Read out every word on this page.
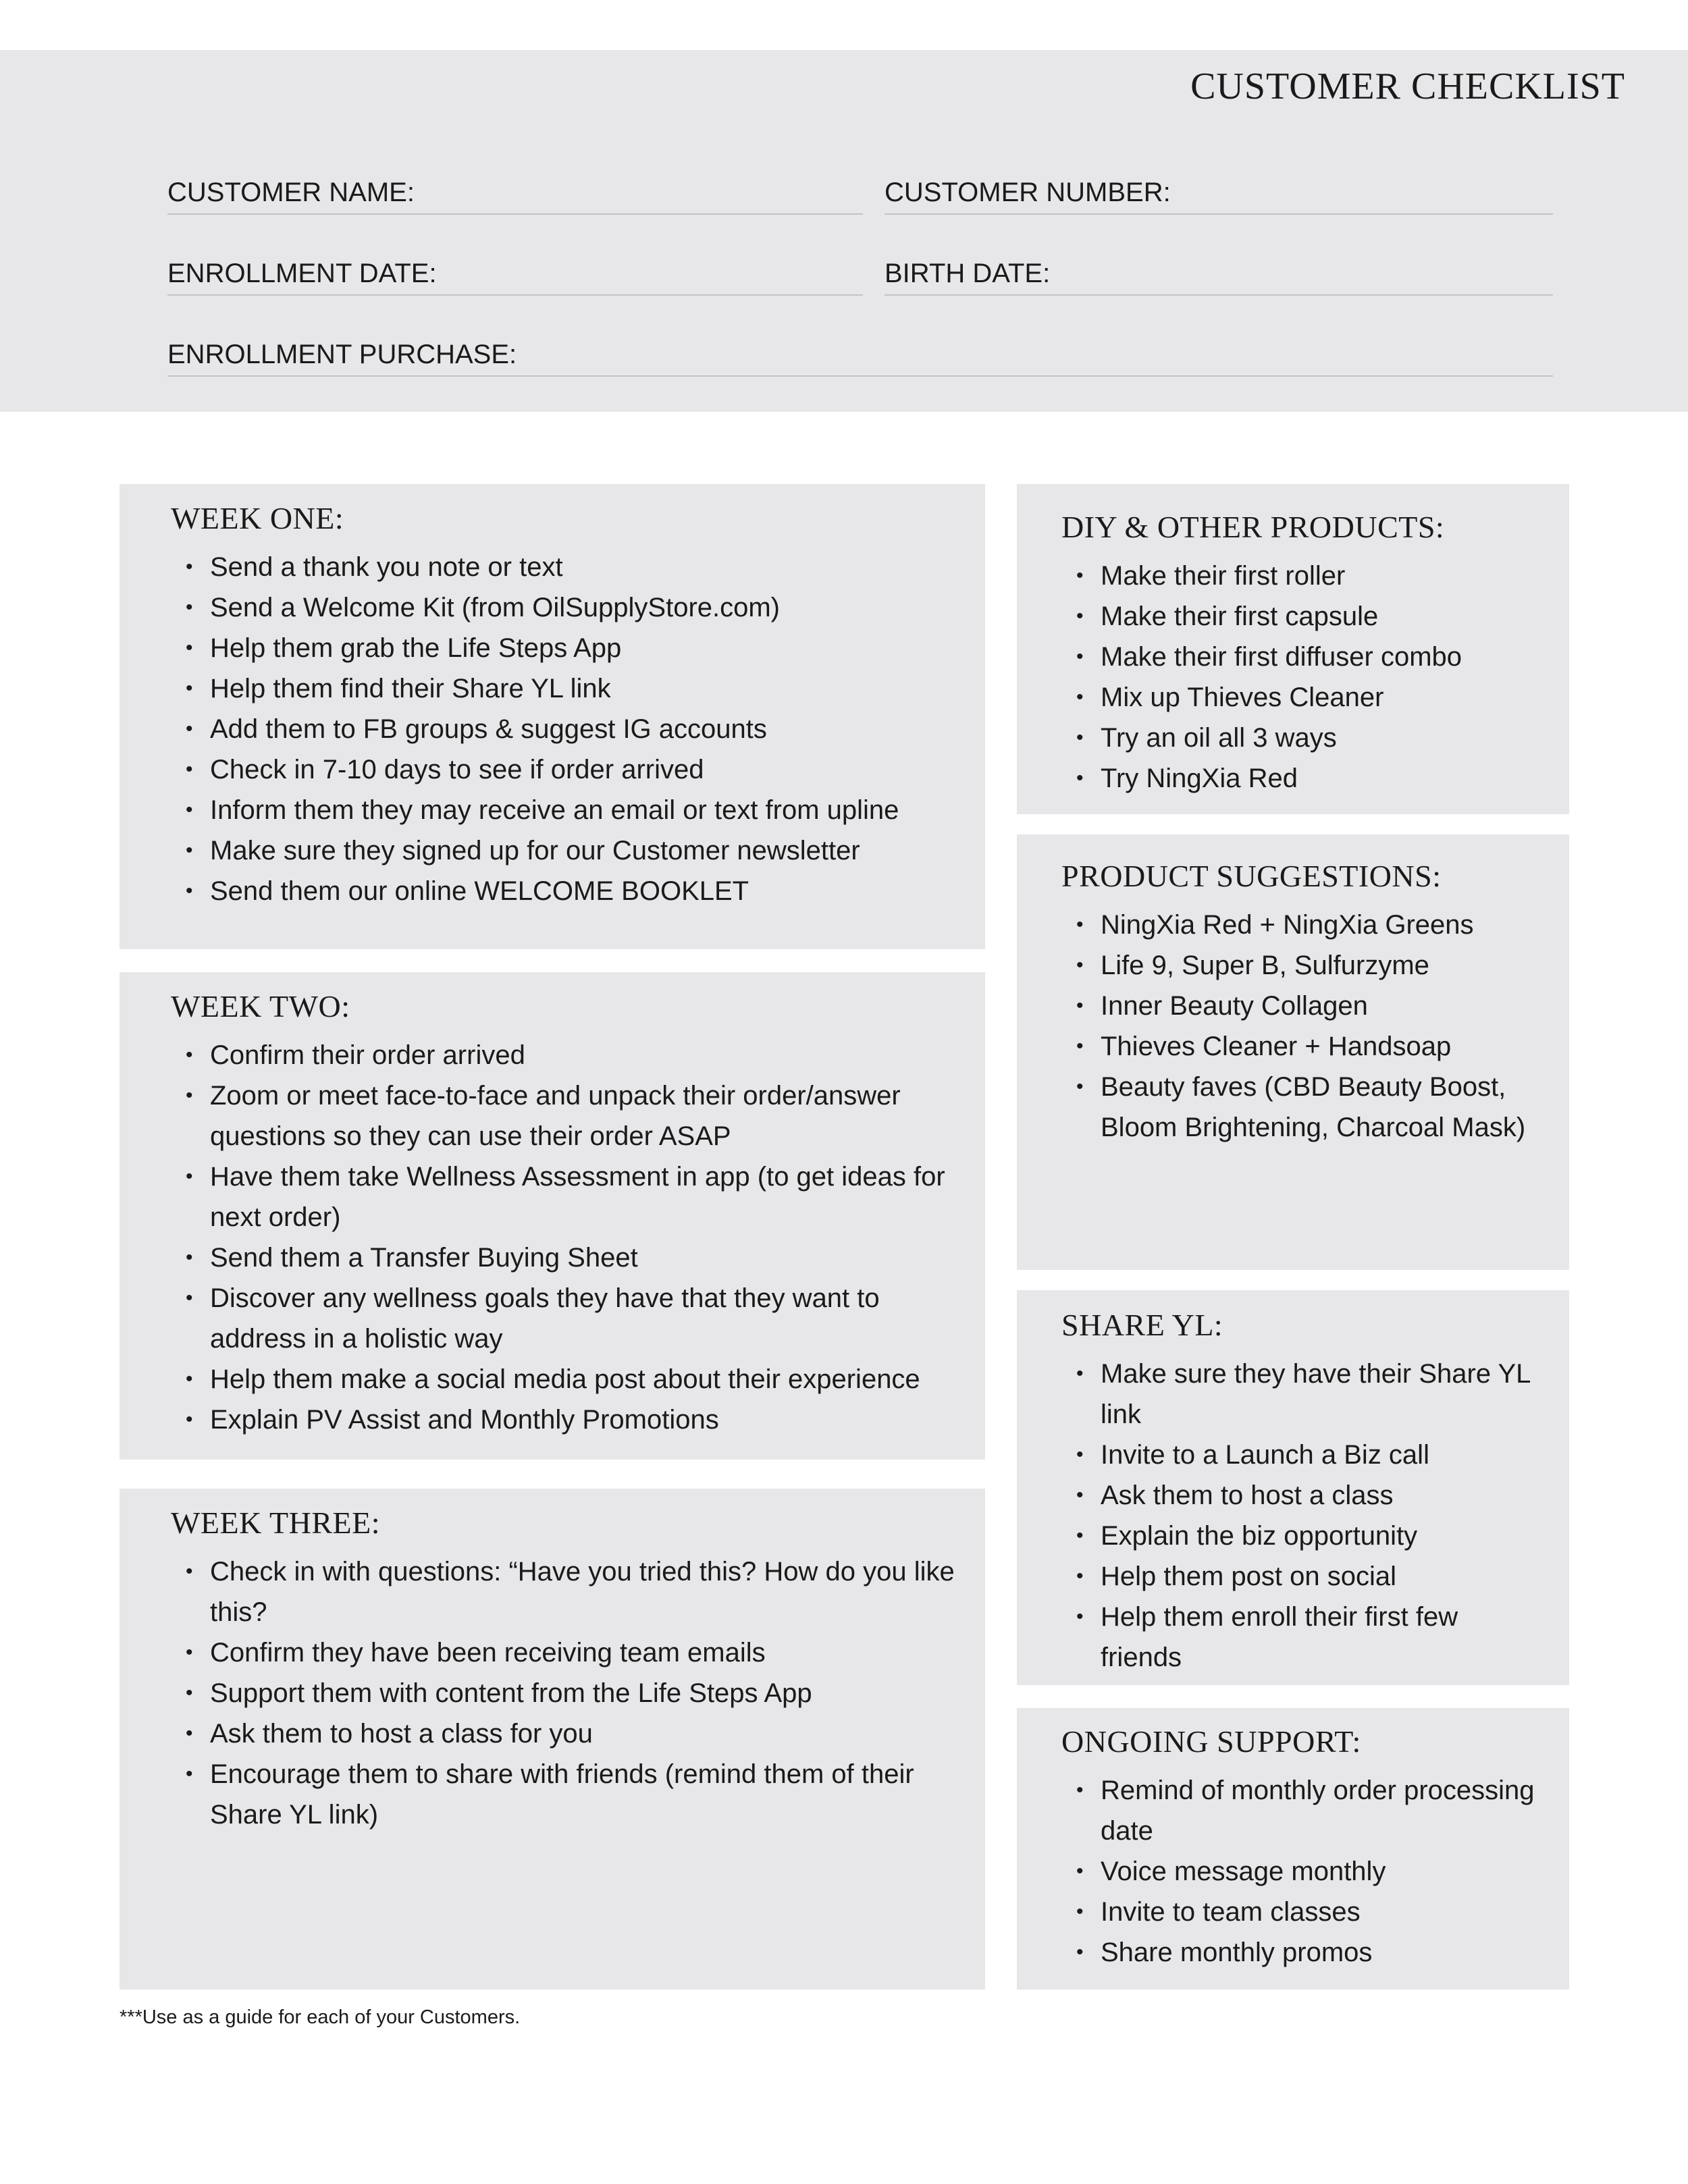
CUSTOMER CHECKLIST
CUSTOMER NAME:	CUSTOMER NUMBER:
ENROLLMENT DATE:	BIRTH DATE:
ENROLLMENT PURCHASE:
WEEK ONE:
• Send a thank you note or text
• Send a Welcome Kit (from OilSupplyStore.com)
• Help them grab the Life Steps App
• Help them find their Share YL link
• Add them to FB groups & suggest IG accounts
• Check in 7-10 days to see if order arrived
• Inform them they may receive an email or text from upline
• Make sure they signed up for our Customer newsletter
• Send them our online WELCOME BOOKLET
WEEK TWO:
• Confirm their order arrived
• Zoom or meet face-to-face and unpack their order/answer questions so they can use their order ASAP
• Have them take Wellness Assessment in app (to get ideas for next order)
• Send them a Transfer Buying Sheet
• Discover any wellness goals they have that they want to address in a holistic way
• Help them make a social media post about their experience
• Explain PV Assist and Monthly Promotions
WEEK THREE:
• Check in with questions: “Have you tried this? How do you like this?
• Confirm they have been receiving team emails
• Support them with content from the Life Steps App
• Ask them to host a class for you
• Encourage them to share with friends (remind them of their Share YL link)
DIY & OTHER PRODUCTS:
• Make their first roller
• Make their first capsule
• Make their first diffuser combo
• Mix up Thieves Cleaner
• Try an oil all 3 ways
• Try NingXia Red
PRODUCT SUGGESTIONS:
• NingXia Red + NingXia Greens
• Life 9, Super B, Sulfurzyme
• Inner Beauty Collagen
• Thieves Cleaner + Handsoap
• Beauty faves (CBD Beauty Boost, Bloom Brightening, Charcoal Mask)
SHARE YL:
• Make sure they have their Share YL link
• Invite to a Launch a Biz call
• Ask them to host a class
• Explain the biz opportunity
• Help them post on social
• Help them enroll their first few friends
ONGOING SUPPORT:
• Remind of monthly order processing date
• Voice message monthly
• Invite to team classes
• Share monthly promos
***Use as a guide for each of your Customers.
